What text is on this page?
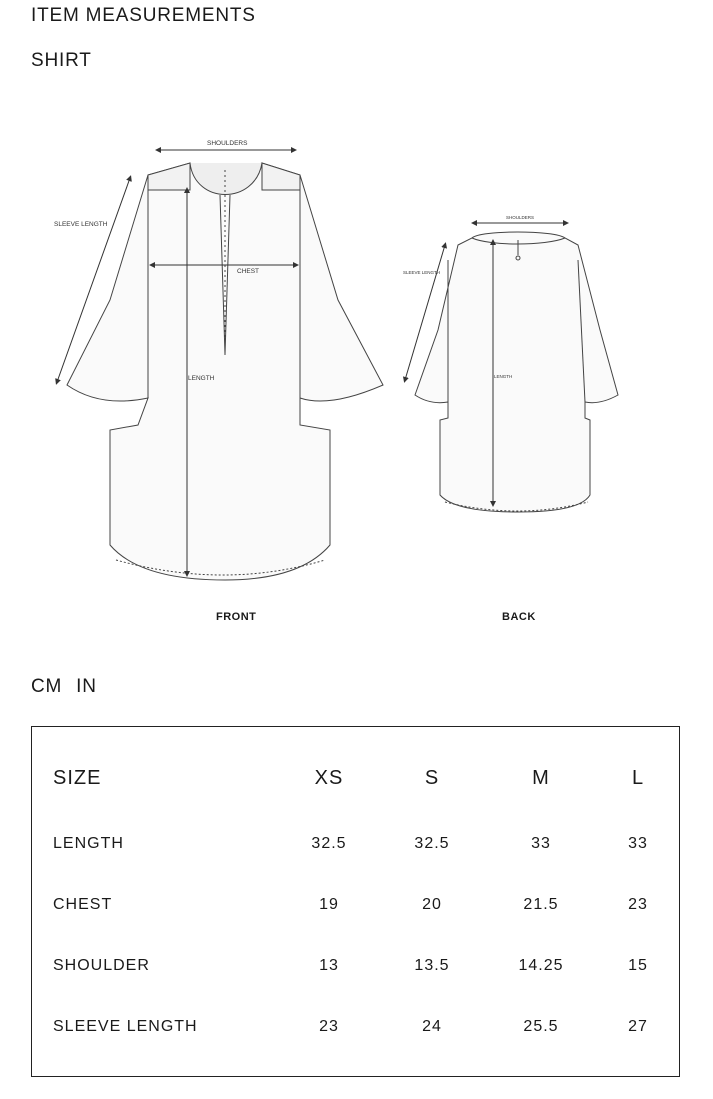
ITEM MEASUREMENTS
SHIRT
SHOULDERS
SLEEVE LENGTH
CHEST
LENGTH
SHOULDERS
SLEEVE LENGTH
LENGTH
FRONT	BACK
CM IN
SIZE	XS	S	M	L
LENGTH	32.5	32.5	33	33
CHEST	19	20	21.5	23
SHOULDER	13	13.5	14.25	15
SLEEVE LENGTH	23	24	25.5	27
